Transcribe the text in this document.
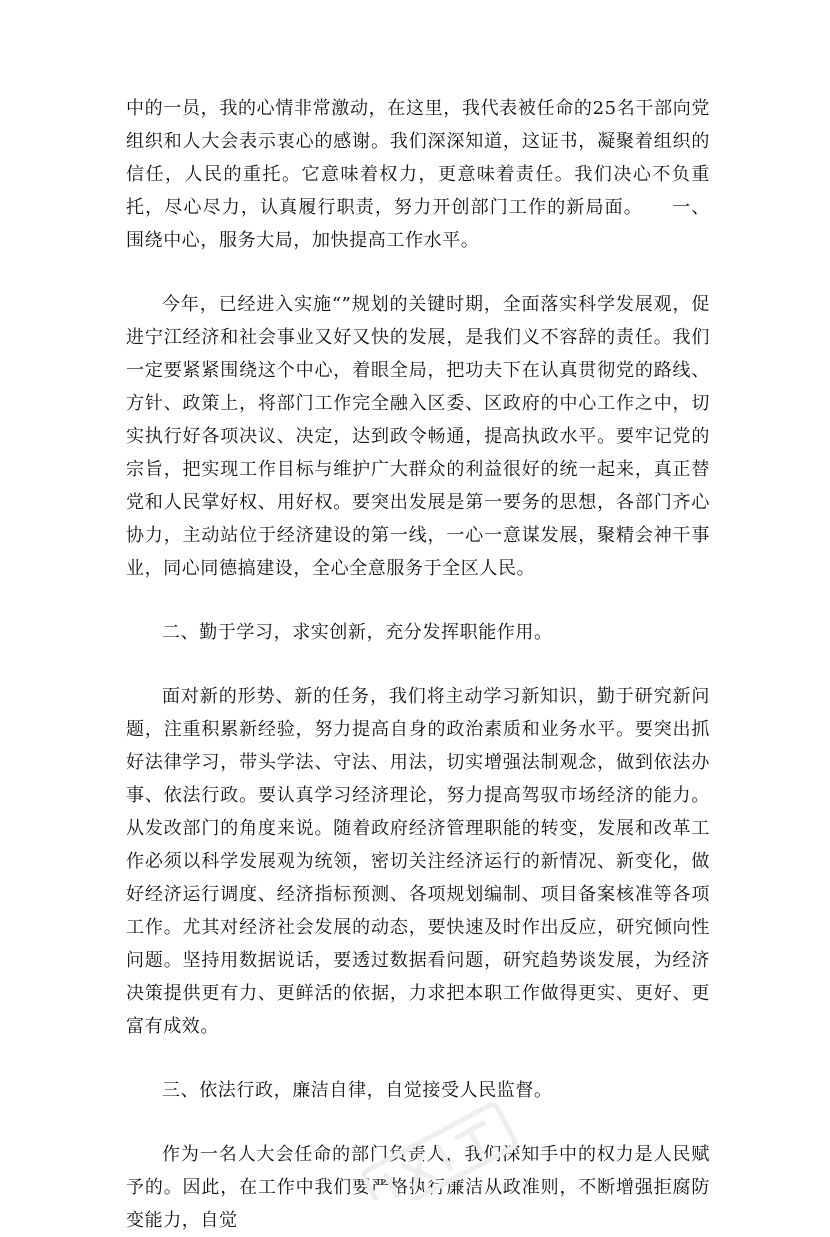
中的一员，我的心情非常激动，在这里，我代表被任命的25名干部向党组织和人大会表示衷心的感谢。我们深深知道，这证书，凝聚着组织的信任，人民的重托。它意味着权力，更意味着责任。我们决心不负重托，尽心尽力，认真履行职责，努力开创部门工作的新局面。　　一、围绕中心，服务大局，加快提高工作水平。

今年，已经进入实施“”规划的关键时期，全面落实科学发展观，促进宁江经济和社会事业又好又快的发展，是我们义不容辞的责任。我们一定要紧紧围绕这个中心，着眼全局，把功夫下在认真贯彻党的路线、方针、政策上，将部门工作完全融入区委、区政府的中心工作之中，切实执行好各项决议、决定，达到政令畅通，提高执政水平。要牢记党的宗旨，把实现工作目标与维护广大群众的利益很好的统一起来，真正替党和人民掌好权、用好权。要突出发展是第一要务的思想，各部门齐心协力，主动站位于经济建设的第一线，一心一意谋发展，聚精会神干事业，同心同德搞建设，全心全意服务于全区人民。

二、勤于学习，求实创新，充分发挥职能作用。

面对新的形势、新的任务，我们将主动学习新知识，勤于研究新问题，注重积累新经验，努力提高自身的政治素质和业务水平。要突出抓好法律学习，带头学法、守法、用法，切实增强法制观念，做到依法办事、依法行政。要认真学习经济理论，努力提高驾驭市场经济的能力。从发改部门的角度来说。随着政府经济管理职能的转变，发展和改革工作必须以科学发展观为统领，密切关注经济运行的新情况、新变化，做好经济运行调度、经济指标预测、各项规划编制、项目备案核准等各项工作。尤其对经济社会发展的动态，要快速及时作出反应，研究倾向性问题。坚持用数据说话，要透过数据看问题，研究趋势谈发展，为经济决策提供更有力、更鲜活的依据，力求把本职工作做得更实、更好、更富有成效。

三、依法行政，廉洁自律，自觉接受人民监督。

作为一名人大会任命的部门负责人，我们深知手中的权力是人民赋予的。因此，在工作中我们要严格执行廉洁从政准则，不断增强拒腐防变能力，自觉
